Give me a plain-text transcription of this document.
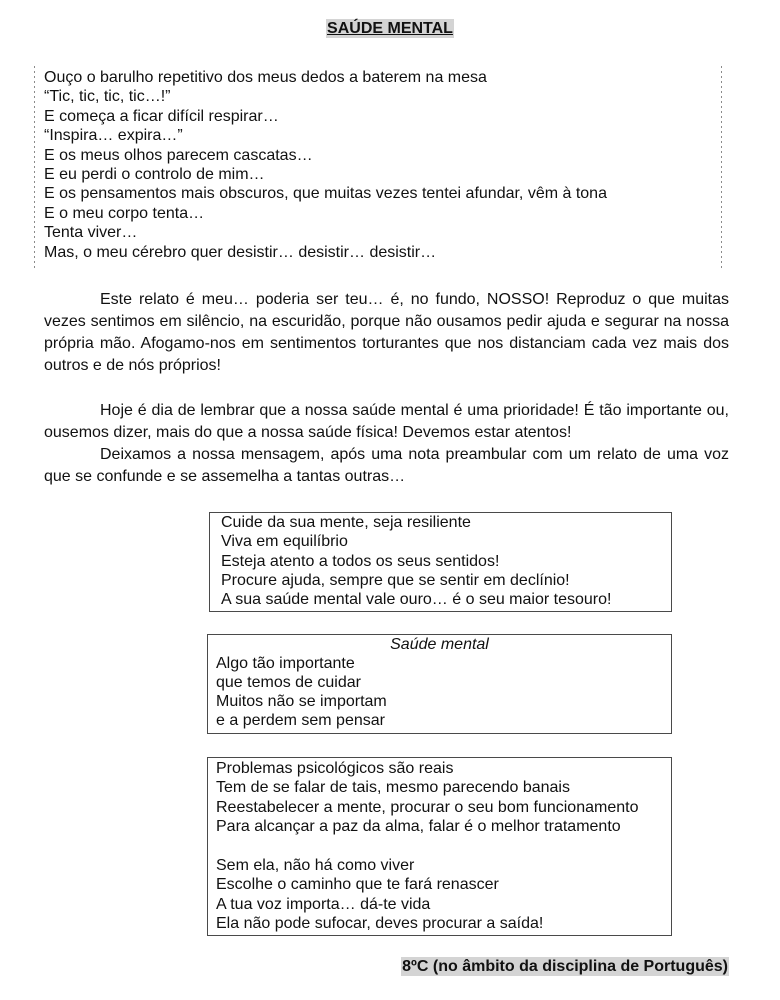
SAÚDE MENTAL
Ouço o barulho repetitivo dos meus dedos a baterem na mesa
“Tic, tic, tic, tic…!”
E começa a ficar difícil respirar…
“Inspira… expira…”
E os meus olhos parecem cascatas…
E eu perdi o controlo de mim…
E os pensamentos mais obscuros, que muitas vezes tentei afundar, vêm à tona
E o meu corpo tenta…
Tenta viver…
Mas, o meu cérebro quer desistir… desistir… desistir…

Este relato é meu… poderia ser teu… é, no fundo, NOSSO! Reproduz o que muitas vezes sentimos em silêncio, na escuridão, porque não ousamos pedir ajuda e segurar na nossa própria mão. Afogamo-nos em sentimentos torturantes que nos distanciam cada vez mais dos outros e de nós próprios!

Hoje é dia de lembrar que a nossa saúde mental é uma prioridade! É tão importante ou, ousemos dizer, mais do que a nossa saúde física! Devemos estar atentos!

Deixamos a nossa mensagem, após uma nota preambular com um relato de uma voz que se confunde e se assemelha a tantas outras…

Cuide da sua mente, seja resiliente
Viva em equilíbrio
Esteja atento a todos os seus sentidos!
Procure ajuda, sempre que se sentir em declínio!
A sua saúde mental vale ouro… é o seu maior tesouro!
Saúde mental
Algo tão importante
que temos de cuidar
Muitos não se importam
e a perdem sem pensar
Problemas psicológicos são reais
Tem de se falar de tais, mesmo parecendo banais
Reestabelecer a mente, procurar o seu bom funcionamento
Para alcançar a paz da alma, falar é o melhor tratamento
Sem ela, não há como viver
Escolhe o caminho que te fará renascer
A tua voz importa… dá-te vida
Ela não pode sufocar, deves procurar a saída!
8ºC (no âmbito da disciplina de Português)
